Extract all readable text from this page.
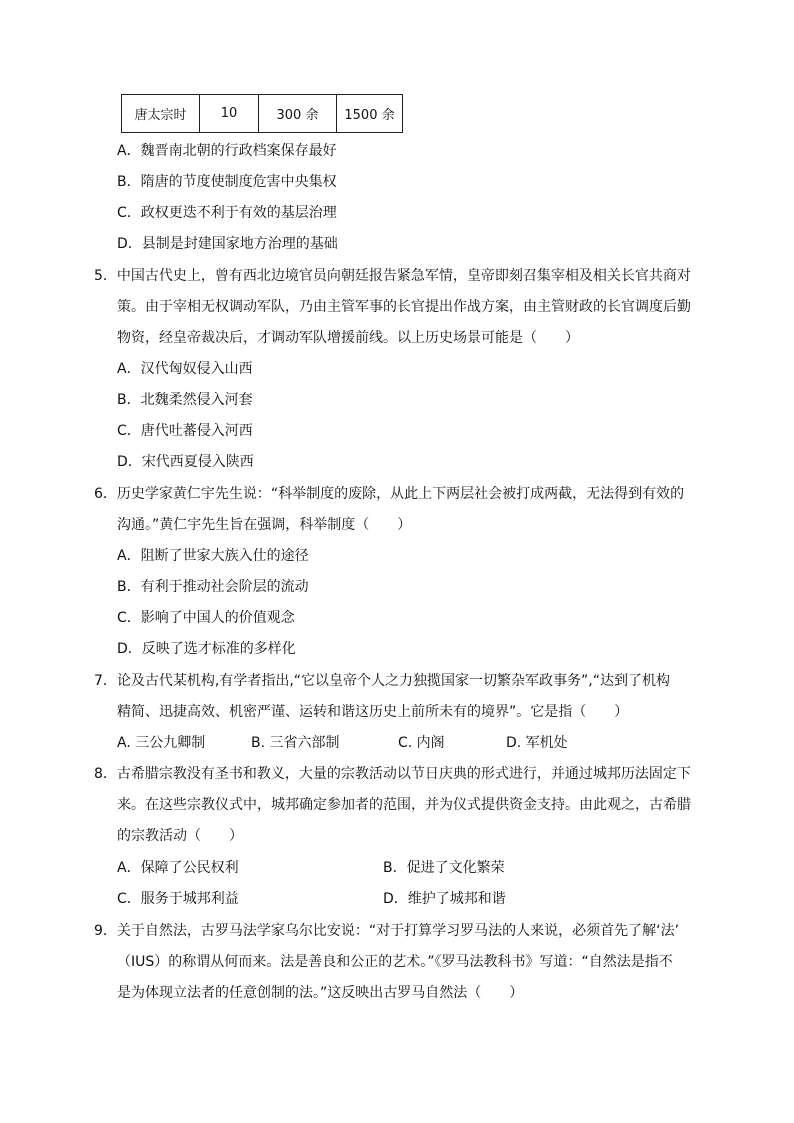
唐太宗时	10	300 余	1500 余
A．魏晋南北朝的行政档案保存最好
B．隋唐的节度使制度危害中央集权
C．政权更迭不利于有效的基层治理
D．县制是封建国家地方治理的基础
5．中国古代史上，曾有西北边境官员向朝廷报告紧急军情，皇帝即刻召集宰相及相关长官共商对
策。由于宰相无权调动军队，乃由主管军事的长官提出作战方案，由主管财政的长官调度后勤
物资，经皇帝裁决后，才调动军队增援前线。以上历史场景可能是（　　）
A．汉代匈奴侵入山西
B．北魏柔然侵入河套
C．唐代吐蕃侵入河西
D．宋代西夏侵入陕西
6．历史学家黄仁宇先生说：“科举制度的废除，从此上下两层社会被打成两截，无法得到有效的
沟通。”黄仁宇先生旨在强调，科举制度（　　）
A．阻断了世家大族入仕的途径
B．有利于推动社会阶层的流动
C．影响了中国人的价值观念
D．反映了选才标准的多样化
7．论及古代某机构,有学者指出,“它以皇帝个人之力独揽国家一切繁杂军政事务”,“达到了机构
精简、迅捷高效、机密严谨、运转和谐这历史上前所未有的境界”。它是指（　　）
A. 三公九卿制	B. 三省六部制	C. 内阁	D. 军机处
8．古希腊宗教没有圣书和教义，大量的宗教活动以节日庆典的形式进行，并通过城邦历法固定下
来。在这些宗教仪式中，城邦确定参加者的范围，并为仪式提供资金支持。由此观之，古希腊
的宗教活动（　　）
A．保障了公民权利	B．促进了文化繁荣
C．服务于城邦利益	D．维护了城邦和谐
9．关于自然法，古罗马法学家乌尔比安说：“对于打算学习罗马法的人来说，必须首先了解‘法’
（IUS）的称谓从何而来。法是善良和公正的艺术。”《罗马法教科书》写道：“自然法是指不
是为体现立法者的任意创制的法。”这反映出古罗马自然法（　　）
